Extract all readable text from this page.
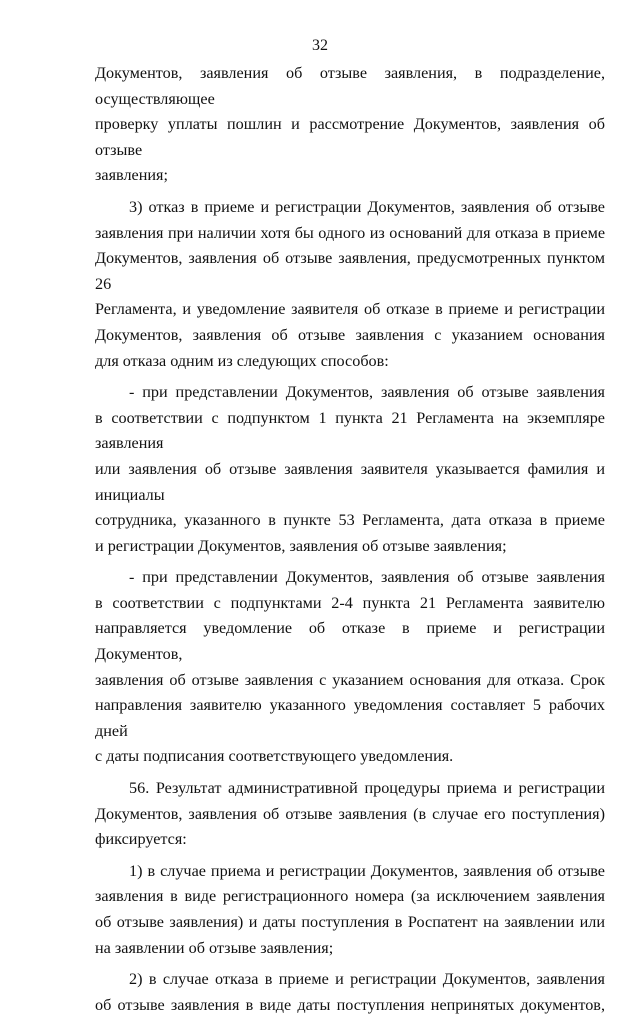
32
Документов, заявления об отзыве заявления, в подразделение, осуществляющее
проверку уплаты пошлин и рассмотрение Документов, заявления об отзыве
заявления;
3) отказ в приеме и регистрации Документов, заявления об отзыве
заявления при наличии хотя бы одного из оснований для отказа в приеме
Документов, заявления об отзыве заявления, предусмотренных пунктом 26
Регламента, и уведомление заявителя об отказе в приеме и регистрации
Документов, заявления об отзыве заявления с указанием основания
для отказа одним из следующих способов:
- при представлении Документов, заявления об отзыве заявления
в соответствии с подпунктом 1 пункта 21 Регламента на экземпляре заявления
или заявления об отзыве заявления заявителя указывается фамилия и инициалы
сотрудника, указанного в пункте 53 Регламента, дата отказа в приеме
и регистрации Документов, заявления об отзыве заявления;
- при представлении Документов, заявления об отзыве заявления
в соответствии с подпунктами 2-4 пункта 21 Регламента заявителю
направляется уведомление об отказе в приеме и регистрации Документов,
заявления об отзыве заявления с указанием основания для отказа. Срок
направления заявителю указанного уведомления составляет 5 рабочих дней
с даты подписания соответствующего уведомления.
56. Результат административной процедуры приема и регистрации
Документов, заявления об отзыве заявления (в случае его поступления)
фиксируется:
1) в случае приема и регистрации Документов, заявления об отзыве
заявления в виде регистрационного номера (за исключением заявления
об отзыве заявления) и даты поступления в Роспатент на заявлении или
на заявлении об отзыве заявления;
2) в случае отказа в приеме и регистрации Документов, заявления
об отзыве заявления в виде даты поступления непринятых документов,
